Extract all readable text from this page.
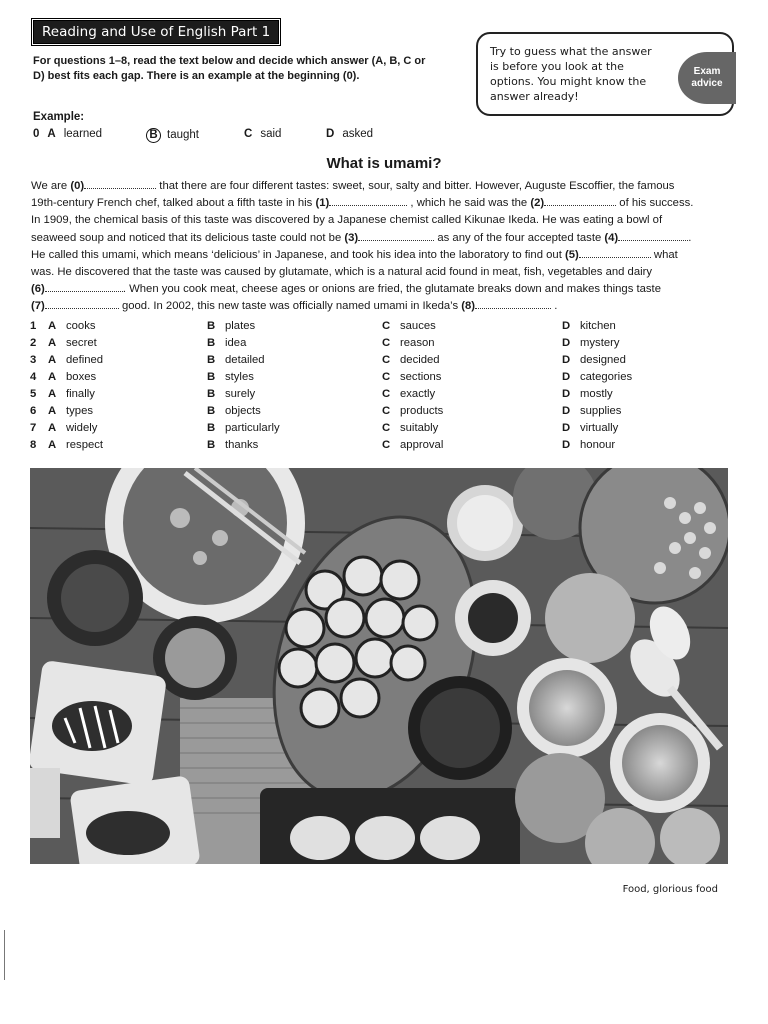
Reading and Use of English Part 1
For questions 1–8, read the text below and decide which answer (A, B, C or D) best fits each gap. There is an example at the beginning (0).
Try to guess what the answer is before you look at the options. You might know the answer already!
Exam
advice
Example:
0 A learned	B taught	C said	D asked
What is umami?
We are (0)	that there are four different tastes: sweet, sour, salty and bitter. However, Auguste Escoffier, the famous
19th-century French chef, talked about a fifth taste in his (1)	, which he said was the (2)	of his success.
In 1909, the chemical basis of this taste was discovered by a Japanese chemist called Kikunae Ikeda. He was eating a bowl of
seaweed soup and noticed that its delicious taste could not be (3)	as any of the four accepted taste (4)	.
He called this umami, which means ‘delicious’ in Japanese, and took his idea into the laboratory to find out (5)	what
was. He discovered that the taste was caused by glutamate, which is a natural acid found in meat, fish, vegetables and dairy
(6)	. When you cook meat, cheese ages or onions are fried, the glutamate breaks down and makes things taste
(7)	good. In 2002, this new taste was officially named umami in Ikeda’s (8)	.
1 A cooks	B plates	C sauces	D kitchen
2 A secret	B idea	C reason	D mystery
3 A defined	B detailed	C decided	D designed
4 A boxes	B styles	C sections	D categories
5 A finally	B surely	C exactly	D mostly
6 A types	B objects	C products	D supplies
7 A widely	B particularly	C suitably	D virtually
8 A respect	B thanks	C approval	D honour
Food, glorious food
